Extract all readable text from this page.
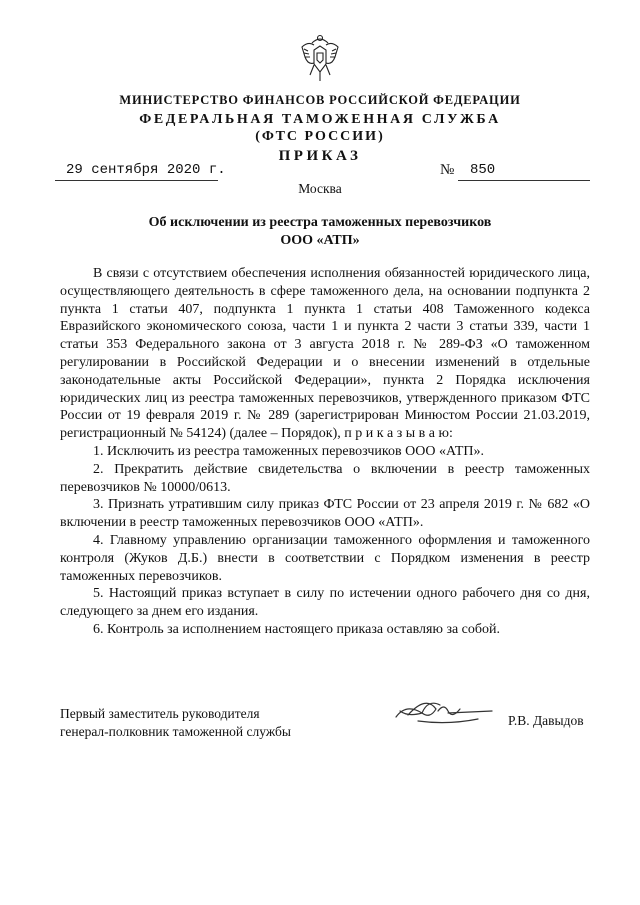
МИНИСТЕРСТВО ФИНАНСОВ РОССИЙСКОЙ ФЕДЕРАЦИИ
ФЕДЕРАЛЬНАЯ ТАМОЖЕННАЯ СЛУЖБА
(ФТС РОССИИ)
ПРИКАЗ
29 сентября 2020 г.	№ 850
Москва
Об исключении из реестра таможенных перевозчиков
ООО «АТП»

В связи с отсутствием обеспечения исполнения обязанностей юридического лица, осуществляющего деятельность в сфере таможенного дела, на основании подпункта 2 пункта 1 статьи 407, подпункта 1 пункта 1 статьи 408 Таможенного кодекса Евразийского экономического союза, части 1 и пункта 2 части 3 статьи 339, части 1 статьи 353 Федерального закона от 3 августа 2018 г. № 289-ФЗ «О таможенном регулировании в Российской Федерации и о внесении изменений в отдельные законодательные акты Российской Федерации», пункта 2 Порядка исключения юридических лиц из реестра таможенных перевозчиков, утвержденного приказом ФТС России от 19 февраля 2019 г. № 289 (зарегистрирован Минюстом России 21.03.2019, регистрационный № 54124) (далее – Порядок), п р и к а з ы в а ю:

1. Исключить из реестра таможенных перевозчиков ООО «АТП».

2. Прекратить действие свидетельства о включении в реестр таможенных перевозчиков № 10000/0613.

3. Признать утратившим силу приказ ФТС России от 23 апреля 2019 г. № 682 «О включении в реестр таможенных перевозчиков ООО «АТП».

4. Главному управлению организации таможенного оформления и таможенного контроля (Жуков Д.Б.) внести в соответствии с Порядком изменения в реестр таможенных перевозчиков.

5. Настоящий приказ вступает в силу по истечении одного рабочего дня со дня, следующего за днем его издания.

6. Контроль за исполнением настоящего приказа оставляю за собой.

Первый заместитель руководителя
генерал-полковник таможенной службы
Р.В. Давыдов
